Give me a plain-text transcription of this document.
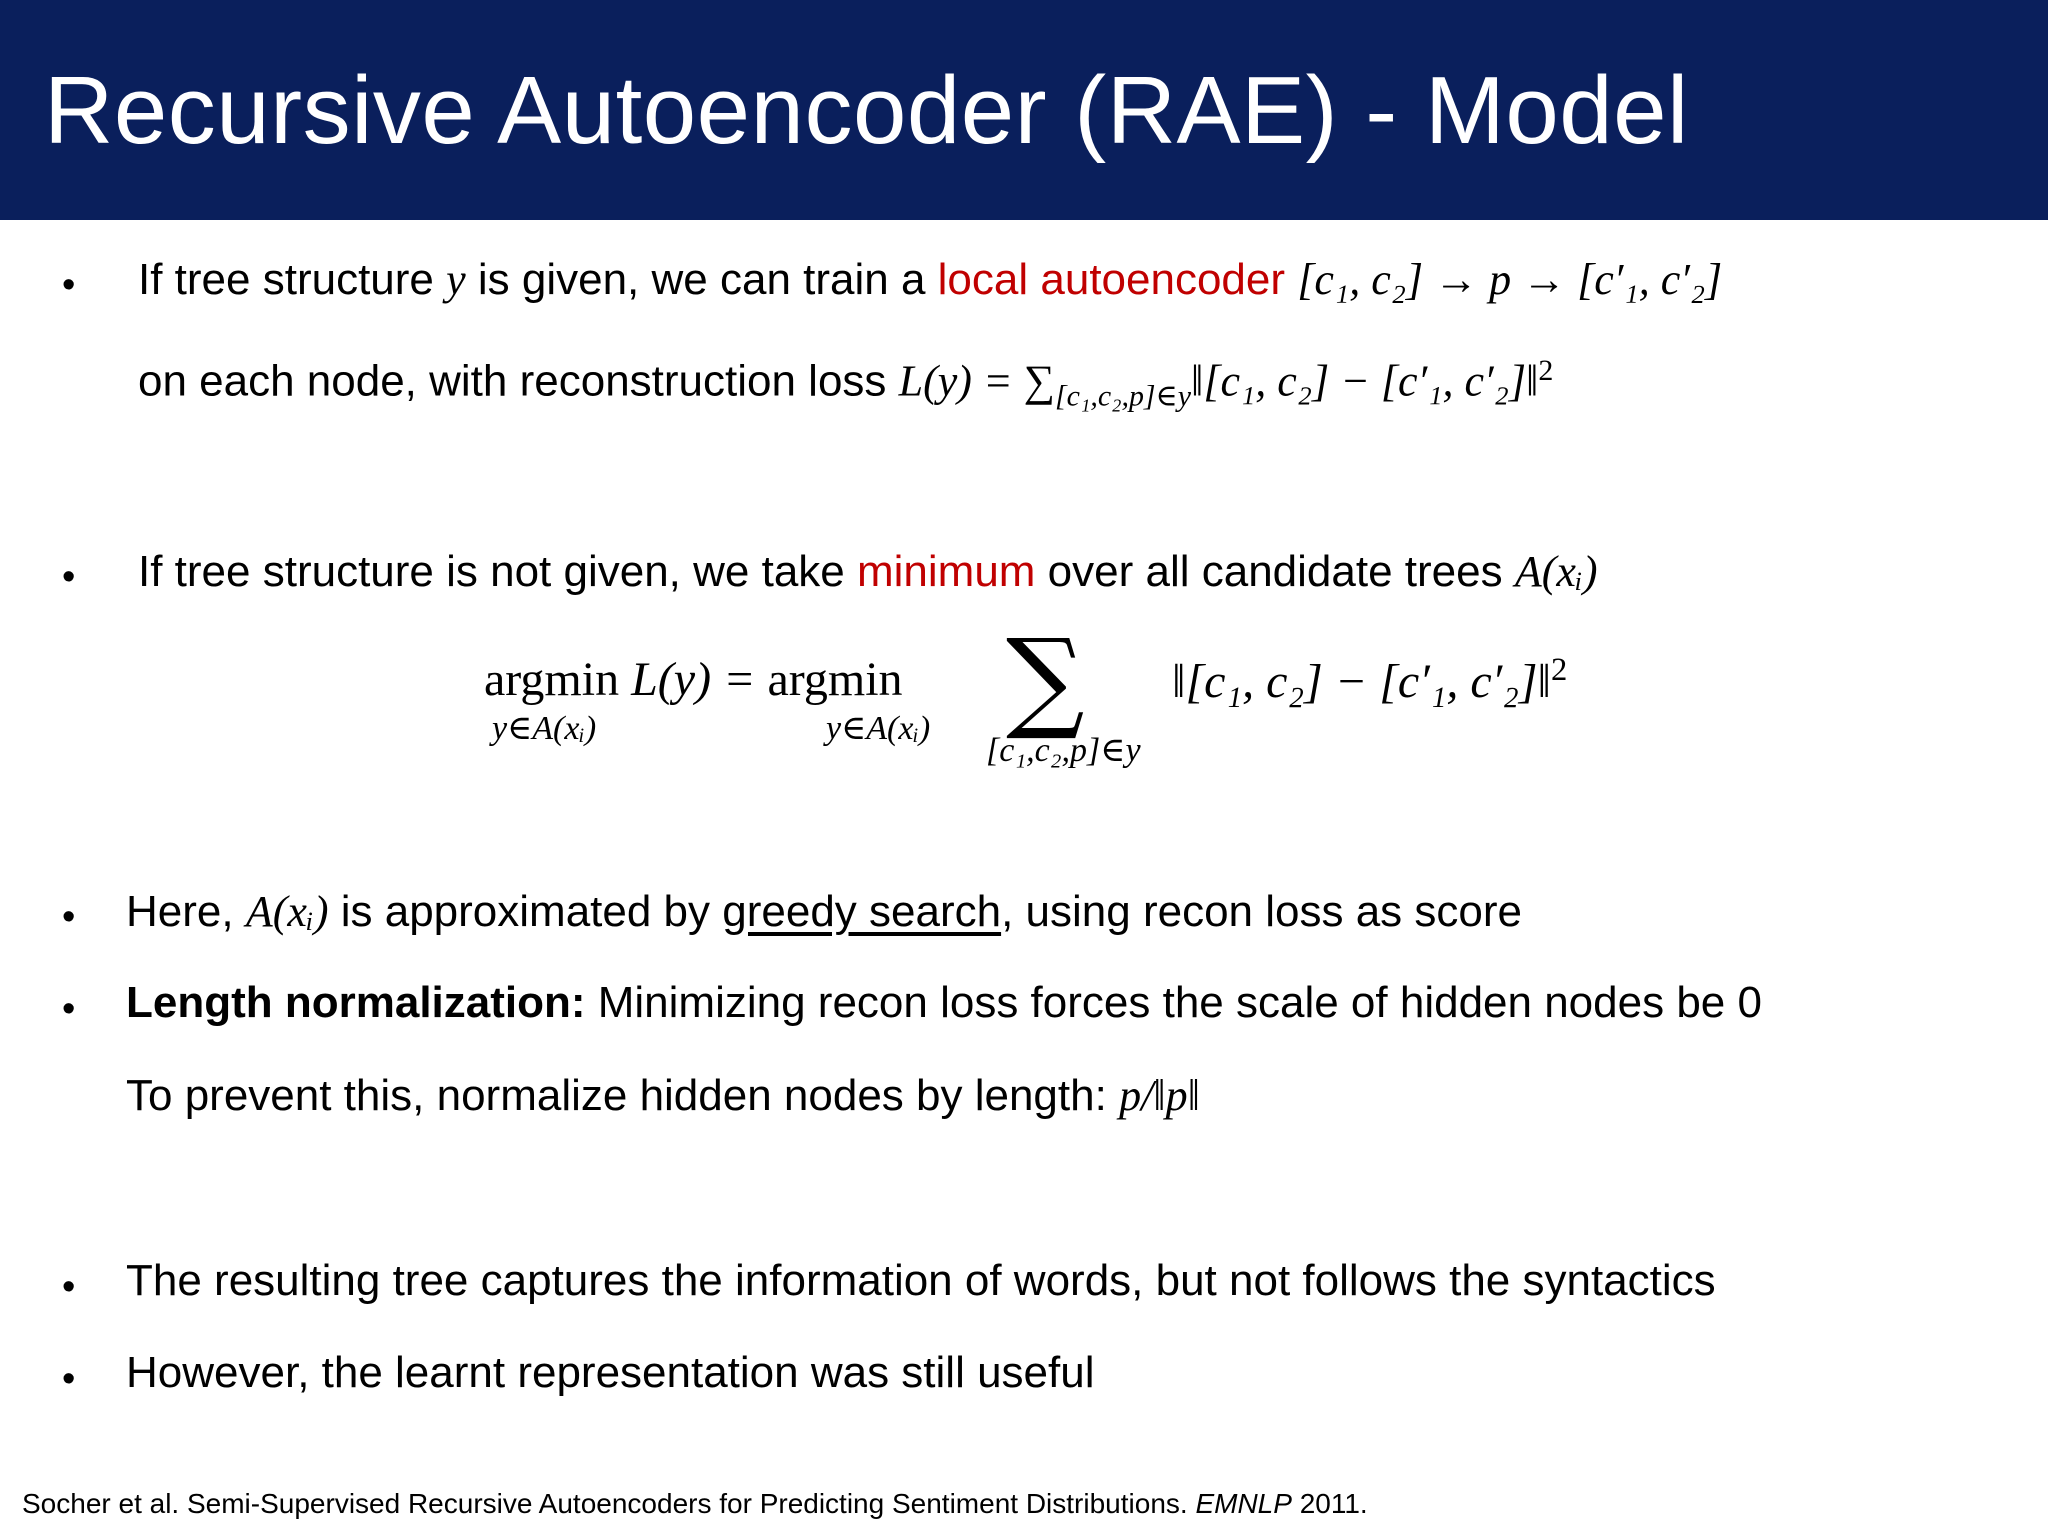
Recursive Autoencoder (RAE) - Model
• If tree structure y is given, we can train a local autoencoder [c₁, c₂] → p → [c′₁, c′₂]
on each node, with reconstruction loss $L(y) = \sum_{[c_1,c_2,p]\in y}‖[c_1$, c₂] − [c′₁, c′₂]‖$^2$
• If tree structure is not given, we take minimum over all candidate trees A(xᵢ)
argmin L(y) = argmin
y∈A(xᵢ)	y∈A(xᵢ) ∑
[c₁,c₂,p]∈y
‖[c₁, c₂] − [c′₁, c′₂]‖$^2$
• Here, A(xᵢ) is approximated by greedy search, using recon loss as score
• Length normalization: Minimizing recon loss forces the scale of hidden nodes be 0
To prevent this, normalize hidden nodes by length: p/‖p‖
• The resulting tree captures the information of words, but not follows the syntactics
• However, the learnt representation was still useful
Socher et al. Semi-Supervised Recursive Autoencoders for Predicting Sentiment Distributions. EMNLP 2011.
